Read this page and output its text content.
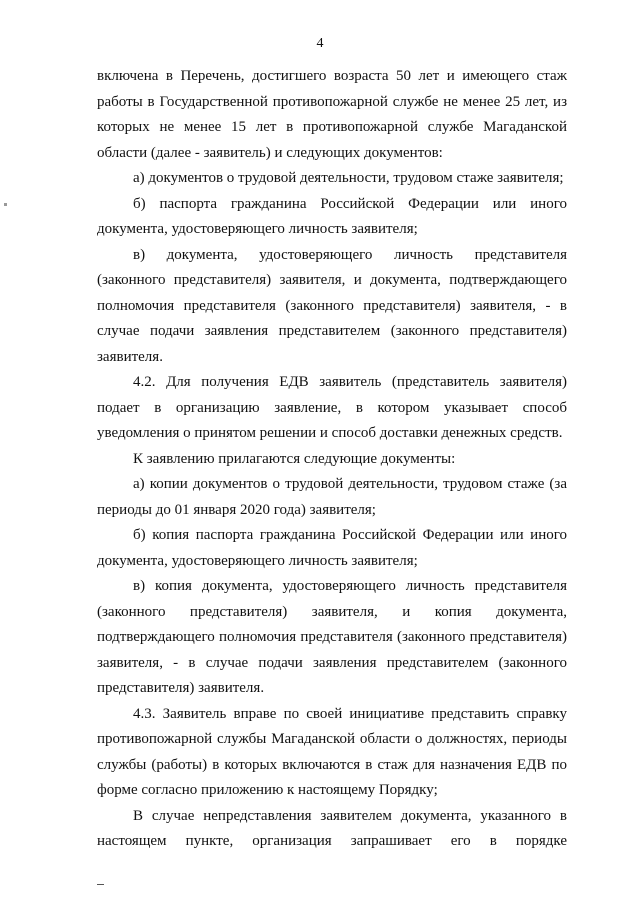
4

включена в Перечень, достигшего возраста 50 лет и имеющего стаж работы в Государственной противопожарной службе не менее 25 лет, из которых не менее 15 лет в противопожарной службе Магаданской области (далее - заявитель) и следующих документов:

а) документов о трудовой деятельности, трудовом стаже заявителя;

б) паспорта гражданина Российской Федерации или иного документа, удостоверяющего личность заявителя;

в) документа, удостоверяющего личность представителя (законного представителя) заявителя, и документа, подтверждающего полномочия представителя (законного представителя) заявителя, - в случае подачи заявления представителем (законного представителя) заявителя.

4.2. Для получения ЕДВ заявитель (представитель заявителя) подает в организацию заявление, в котором указывает способ уведомления о принятом решении и способ доставки денежных средств.

К заявлению прилагаются следующие документы:

а) копии документов о трудовой деятельности, трудовом стаже (за периоды до 01 января 2020 года) заявителя;

б) копия паспорта гражданина Российской Федерации или иного документа, удостоверяющего личность заявителя;

в) копия документа, удостоверяющего личность представителя (законного представителя) заявителя, и копия документа, подтверждающего полномочия представителя (законного представителя) заявителя, - в случае подачи заявления представителем (законного представителя) заявителя.

4.3. Заявитель вправе по своей инициативе представить справку противопожарной службы Магаданской области о должностях, периоды службы (работы) в которых включаются в стаж для назначения ЕДВ по форме согласно приложению к настоящему Порядку;

В случае непредставления заявителем документа, указанного в настоящем пункте, организация запрашивает его в порядке
